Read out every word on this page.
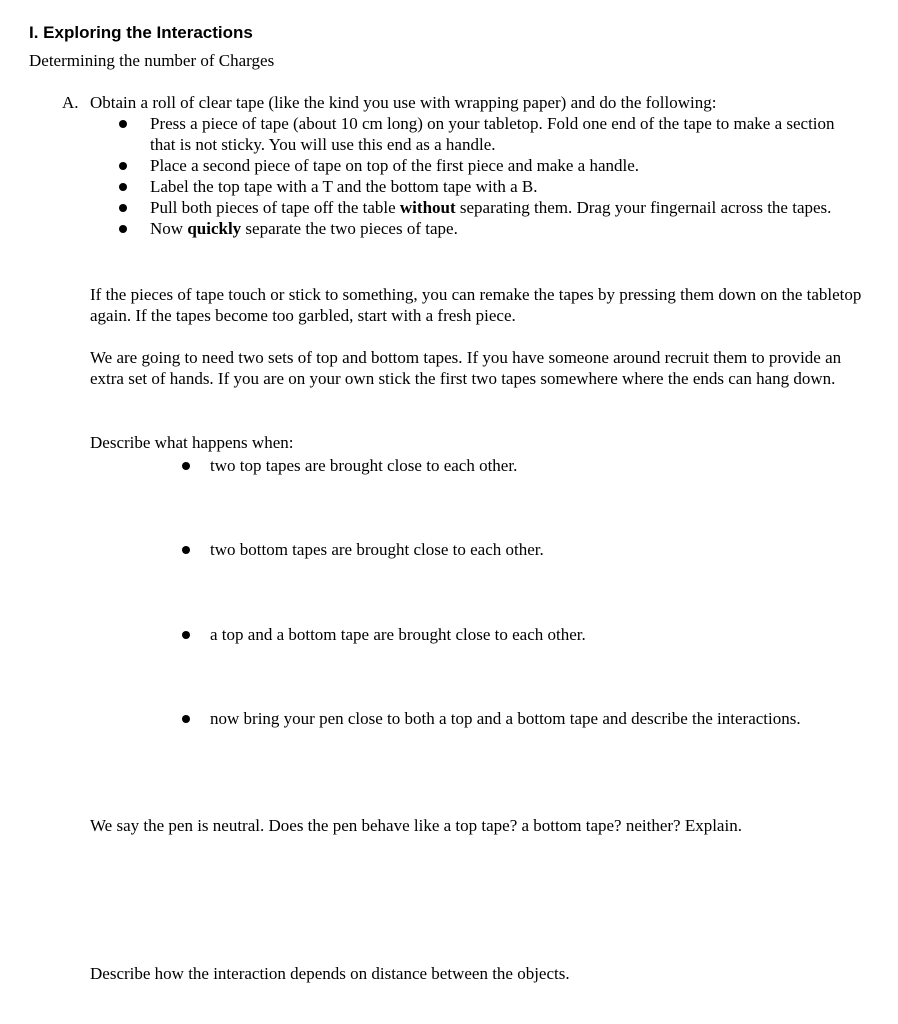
I. Exploring the Interactions

Determining the number of Charges

A. Obtain a roll of clear tape (like the kind you use with wrapping paper) and do the following:
Press a piece of tape (about 10 cm long) on your tabletop. Fold one end of the tape to make a section that is not sticky. You will use this end as a handle.
Place a second piece of tape on top of the first piece and make a handle.
Label the top tape with a T and the bottom tape with a B.
Pull both pieces of tape off the table without separating them. Drag your fingernail across the tapes.
Now quickly separate the two pieces of tape.

If the pieces of tape touch or stick to something, you can remake the tapes by pressing them down on the tabletop again. If the tapes become too garbled, start with a fresh piece.

We are going to need two sets of top and bottom tapes. If you have someone around recruit them to provide an extra set of hands. If you are on your own stick the first two tapes somewhere where the ends can hang down.

Describe what happens when:

two top tapes are brought close to each other.
two bottom tapes are brought close to each other.
a top and a bottom tape are brought close to each other.
now bring your pen close to both a top and a bottom tape and describe the interactions.

We say the pen is neutral. Does the pen behave like a top tape? a bottom tape? neither? Explain.

Describe how the interaction depends on distance between the objects.
